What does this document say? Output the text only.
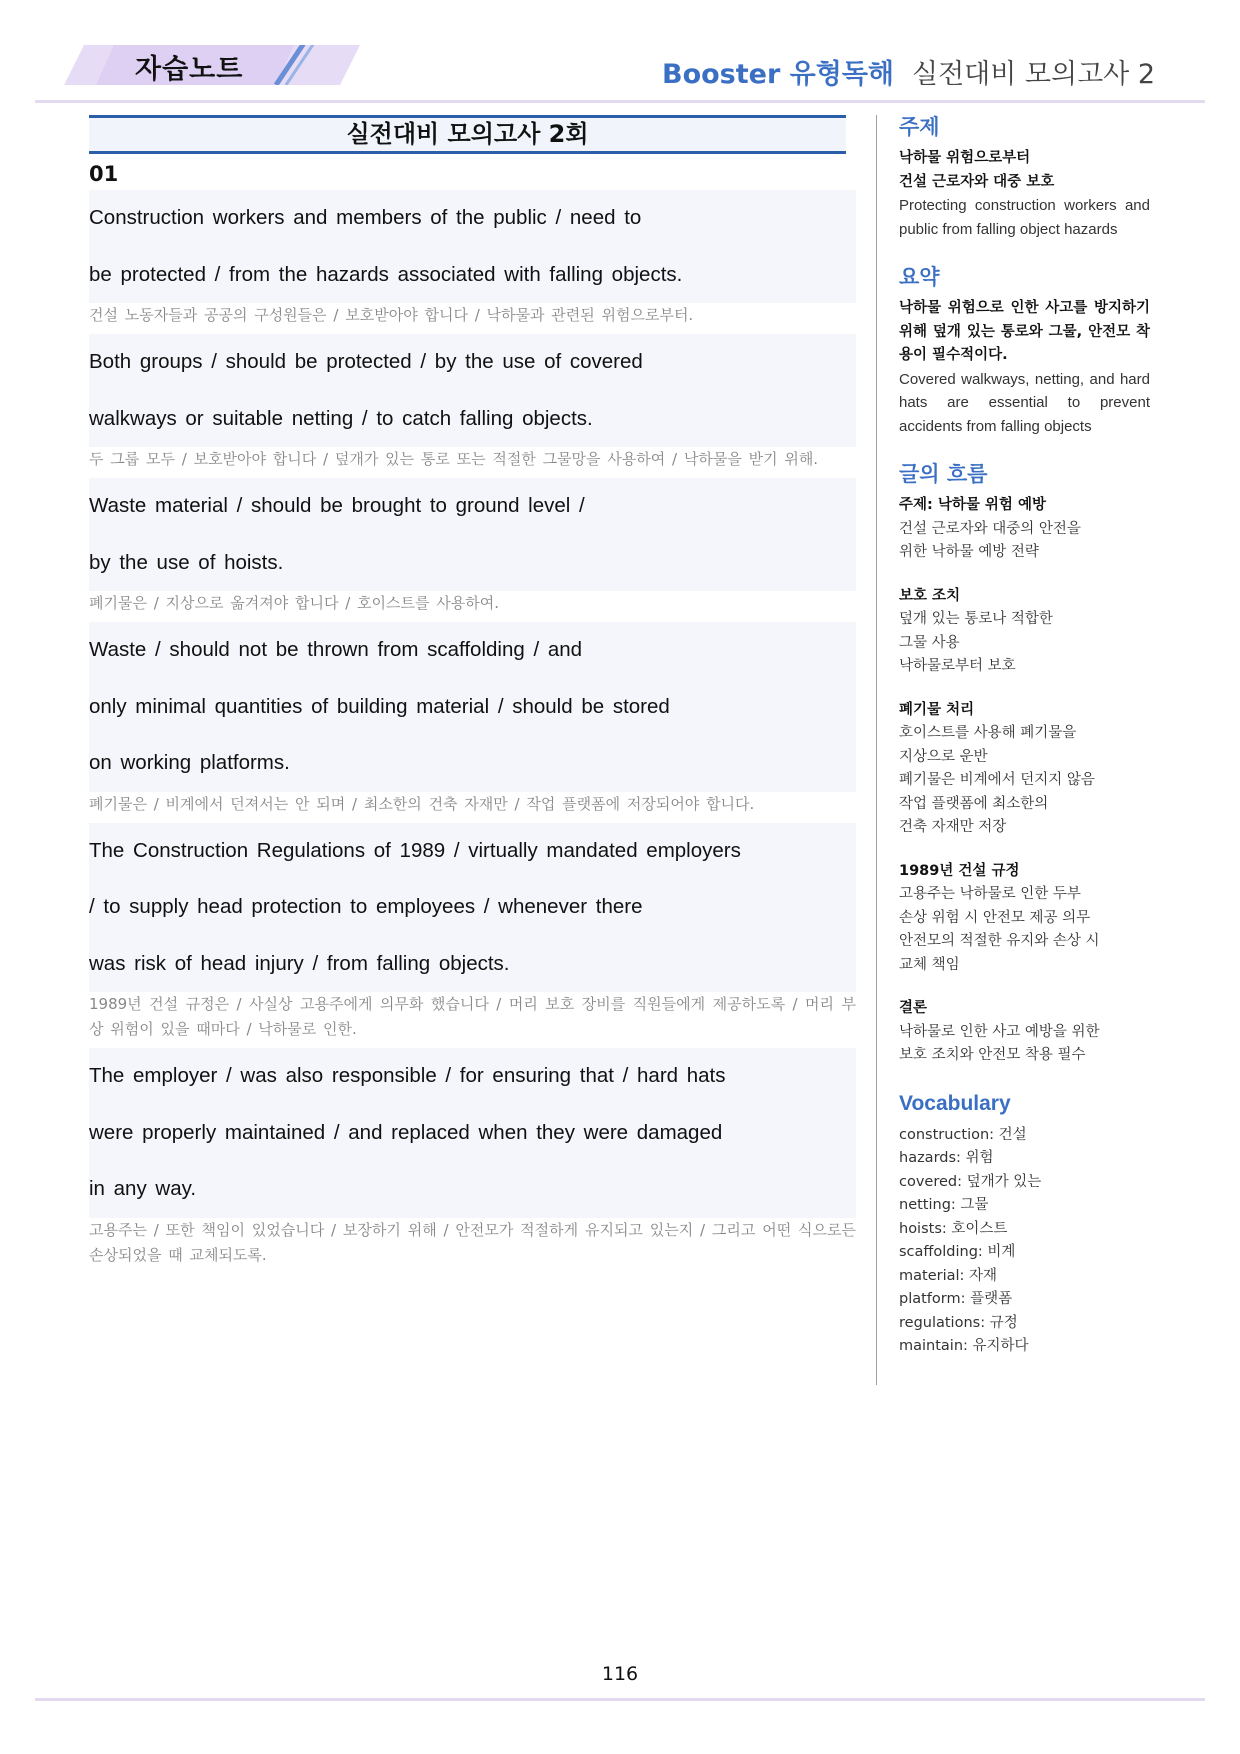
자습노트	Booster 유형독해 실전대비 모의고사 2
실전대비 모의고사 2회
01
Construction workers and members of the public / need to
be protected / from the hazards associated with falling objects.
건설 노동자들과 공공의 구성원들은 / 보호받아야 합니다 / 낙하물과 관련된 위험으로부터.
Both groups / should be protected / by the use of covered
walkways or suitable netting / to catch falling objects.
두 그룹 모두 / 보호받아야 합니다 / 덮개가 있는 통로 또는 적절한 그물망을 사용하여 / 낙하물을 받기 위해.
Waste material / should be brought to ground level /
by the use of hoists.
폐기물은 / 지상으로 옮겨져야 합니다 / 호이스트를 사용하여.
Waste / should not be thrown from scaffolding / and
only minimal quantities of building material / should be stored
on working platforms.
폐기물은 / 비계에서 던져서는 안 되며 / 최소한의 건축 자재만 / 작업 플랫폼에 저장되어야 합니다.
The Construction Regulations of 1989 / virtually mandated employers
/ to supply head protection to employees / whenever there
was risk of head injury / from falling objects.
1989년 건설 규정은 / 사실상 고용주에게 의무화 했습니다 / 머리 보호 장비를 직원들에게 제공하도록 / 머리 부상 위험이 있을 때마다 / 낙하물로 인한.
The employer / was also responsible / for ensuring that / hard hats
were properly maintained / and replaced when they were damaged
in any way.
고용주는 / 또한 책임이 있었습니다 / 보장하기 위해 / 안전모가 적절하게 유지되고 있는지 / 그리고 어떤 식으로든 손상되었을 때 교체되도록.
주제
낙하물 위험으로부터
건설 근로자와 대중 보호
Protecting construction workers and public from falling object hazards
요약
낙하물 위험으로 인한 사고를 방지하기 위해 덮개 있는 통로와 그물, 안전모 착용이 필수적이다.
Covered walkways, netting, and hard hats are essential to prevent accidents from falling objects
글의 흐름
주제: 낙하물 위험 예방
건설 근로자와 대중의 안전을
위한 낙하물 예방 전략
보호 조치
덮개 있는 통로나 적합한
그물 사용
낙하물로부터 보호
폐기물 처리
호이스트를 사용해 폐기물을
지상으로 운반
폐기물은 비계에서 던지지 않음
작업 플랫폼에 최소한의
건축 자재만 저장
1989년 건설 규정
고용주는 낙하물로 인한 두부
손상 위험 시 안전모 제공 의무
안전모의 적절한 유지와 손상 시
교체 책임
결론
낙하물로 인한 사고 예방을 위한
보호 조치와 안전모 착용 필수
Vocabulary
construction: 건설
hazards: 위험
covered: 덮개가 있는
netting: 그물
hoists: 호이스트
scaffolding: 비계
material: 자재
platform: 플랫폼
regulations: 규정
maintain: 유지하다
116
